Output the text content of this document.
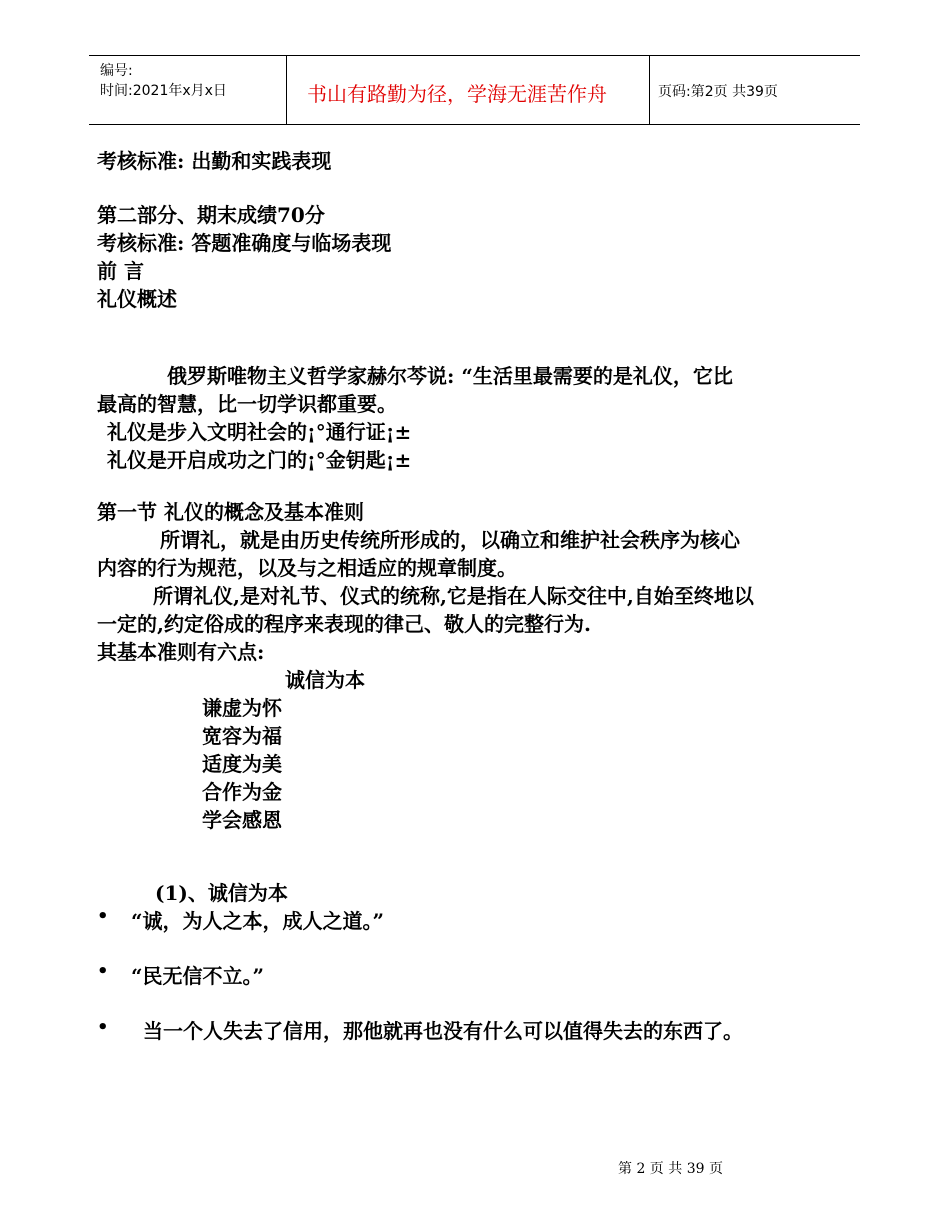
编号:
时间:2021年x月x日	书山有路勤为径，学海无涯苦作舟	页码:第2页 共39页
考核标准: 出勤和实践表现
第二部分、期末成绩70分
考核标准: 答题准确度与临场表现
前 言
礼仪概述
俄罗斯唯物主义哲学家赫尔芩说: “生活里最需要的是礼仪，它比
最高的智慧，比一切学识都重要。
礼仪是步入文明社会的¡°通行证¡±
礼仪是开启成功之门的¡°金钥匙¡±
第一节 礼仪的概念及基本准则
所谓礼，就是由历史传统所形成的，以确立和维护社会秩序为核心
内容的行为规范，以及与之相适应的规章制度。
所谓礼仪,是对礼节、仪式的统称,它是指在人际交往中,自始至终地以
一定的,约定俗成的程序来表现的律己、敬人的完整行为.
其基本准则有六点:
诚信为本
谦虚为怀
宽容为福
适度为美
合作为金
学会感恩
(1)、诚信为本
• “诚，为人之本，成人之道。”
• “民无信不立。”
• 当一个人失去了信用，那他就再也没有什么可以值得失去的东西了。
第 2 页 共 39 页
